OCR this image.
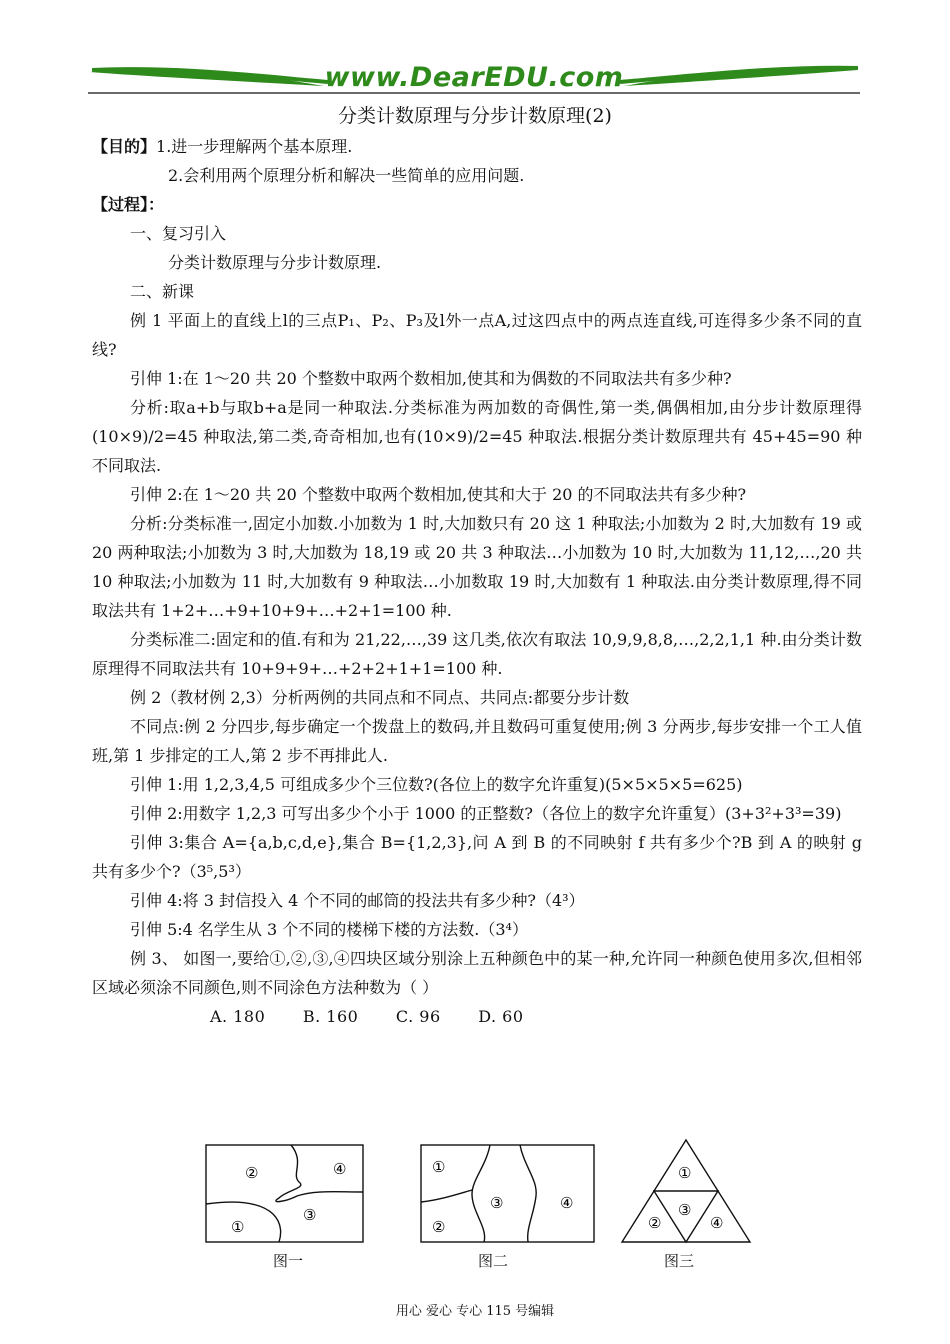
www.DearEDU.com
分类计数原理与分步计数原理(2)

【目的】1.进一步理解两个基本原理.

2.会利用两个原理分析和解决一些简单的应用问题.

【过程】：

一、复习引入

分类计数原理与分步计数原理.

二、新课

例 1 平面上的直线上l的三点P₁、P₂、P₃及l外一点A,过这四点中的两点连直线,可连得多少条不同的直线?

引伸 1:在 1～20 共 20 个整数中取两个数相加,使其和为偶数的不同取法共有多少种?

分析:取a+b与取b+a是同一种取法.分类标准为两加数的奇偶性,第一类,偶偶相加,由分步计数原理得(10×9)/2=45 种取法,第二类,奇奇相加,也有(10×9)/2=45 种取法.根据分类计数原理共有 45+45=90 种不同取法.

引伸 2:在 1～20 共 20 个整数中取两个数相加,使其和大于 20 的不同取法共有多少种?

分析:分类标准一,固定小加数.小加数为 1 时,大加数只有 20 这 1 种取法;小加数为 2 时,大加数有 19 或 20 两种取法;小加数为 3 时,大加数为 18,19 或 20 共 3 种取法…小加数为 10 时,大加数为 11,12,…,20 共 10 种取法;小加数为 11 时,大加数有 9 种取法…小加数取 19 时,大加数有 1 种取法.由分类计数原理,得不同取法共有 1+2+…+9+10+9+…+2+1=100 种.

分类标准二:固定和的值.有和为 21,22,…,39 这几类,依次有取法 10,9,9,8,8,…,2,2,1,1 种.由分类计数原理得不同取法共有 10+9+9+…+2+2+1+1=100 种.

例 2（教材例 2,3）分析两例的共同点和不同点、共同点:都要分步计数

不同点:例 2 分四步,每步确定一个拨盘上的数码,并且数码可重复使用;例 3 分两步,每步安排一个工人值班,第 1 步排定的工人,第 2 步不再排此人.

引伸 1:用 1,2,3,4,5 可组成多少个三位数?(各位上的数字允许重复)(5×5×5×5=625)

引伸 2:用数字 1,2,3 可写出多少个小于 1000 的正整数?（各位上的数字允许重复）(3+3²+3³=39)

引伸 3:集合 A={a,b,c,d,e},集合 B={1,2,3},问 A 到 B 的不同映射 f 共有多少个?B 到 A 的映射 g 共有多少个?（3⁵,5³）

引伸 4:将 3 封信投入 4 个不同的邮筒的投法共有多少种?（4³）

引伸 5:4 名学生从 3 个不同的楼梯下楼的方法数.（3⁴）

例 3、 如图一,要给①,②,③,④四块区域分别涂上五种颜色中的某一种,允许同一种颜色使用多次,但相邻区域必须涂不同颜色,则不同涂色方法种数为（ ）

A. 180 B. 160 C. 96 D. 60

②	④
③
①
图一
①
②
③	④
图二
①
②
③
④
图三
用心 爱心 专心 115 号编辑
